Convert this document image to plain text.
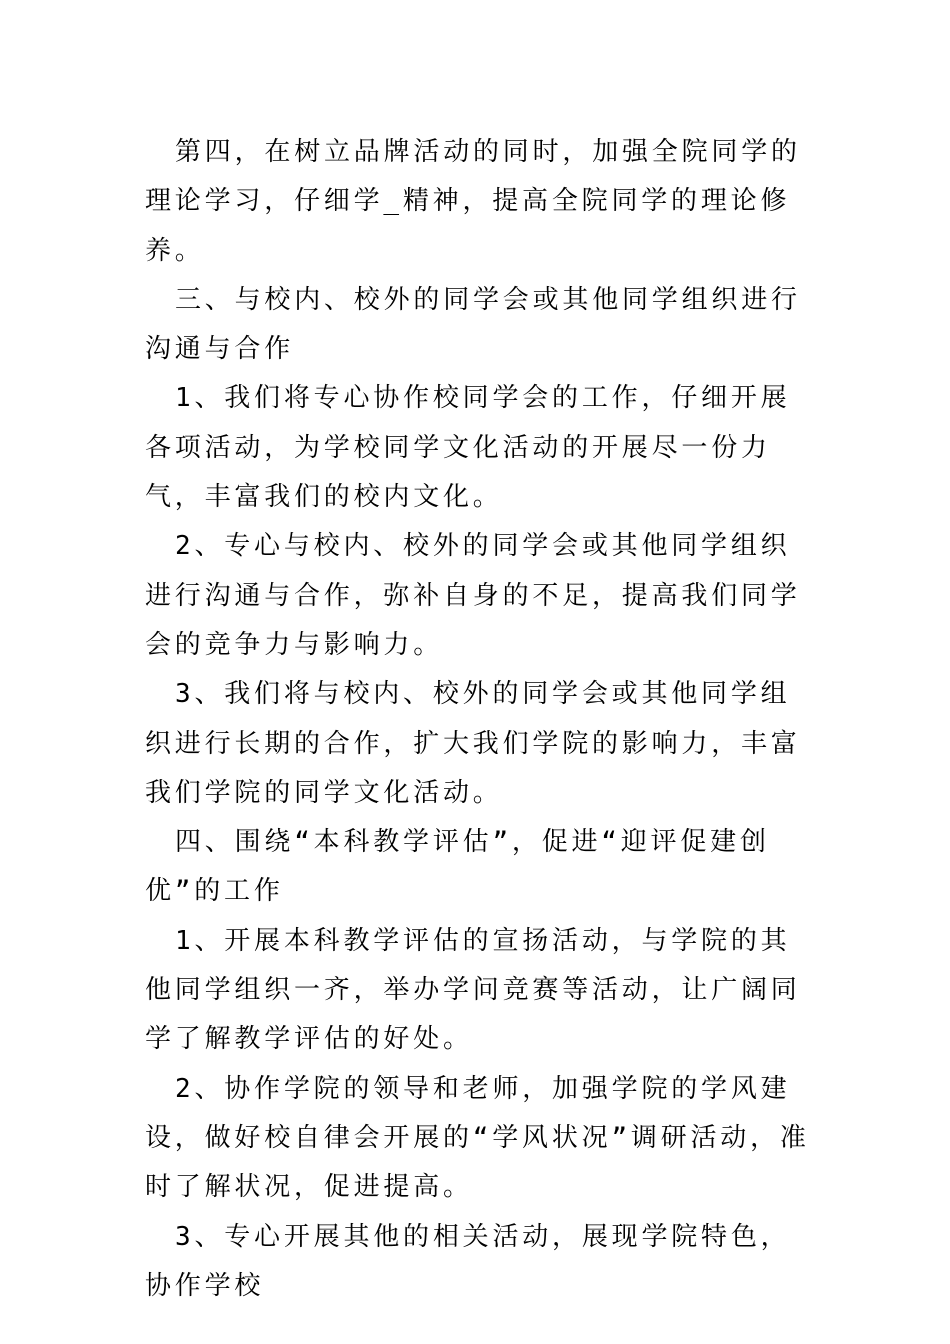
第四，在树立品牌活动的同时，加强全院同学的理论学习，仔细学_精神，提高全院同学的理论修养。

三、与校内、校外的同学会或其他同学组织进行沟通与合作

1、我们将专心协作校同学会的工作，仔细开展各项活动，为学校同学文化活动的开展尽一份力气，丰富我们的校内文化。

2、专心与校内、校外的同学会或其他同学组织进行沟通与合作，弥补自身的不足，提高我们同学会的竞争力与影响力。

3、我们将与校内、校外的同学会或其他同学组织进行长期的合作，扩大我们学院的影响力，丰富我们学院的同学文化活动。

四、围绕“本科教学评估”，促进“迎评促建创优”的工作

1、开展本科教学评估的宣扬活动，与学院的其他同学组织一齐，举办学问竞赛等活动，让广阔同学了解教学评估的好处。

2、协作学院的领导和老师，加强学院的学风建设，做好校自律会开展的“学风状况”调研活动，准时了解状况，促进提高。

3、专心开展其他的相关活动，展现学院特色，协作学校
